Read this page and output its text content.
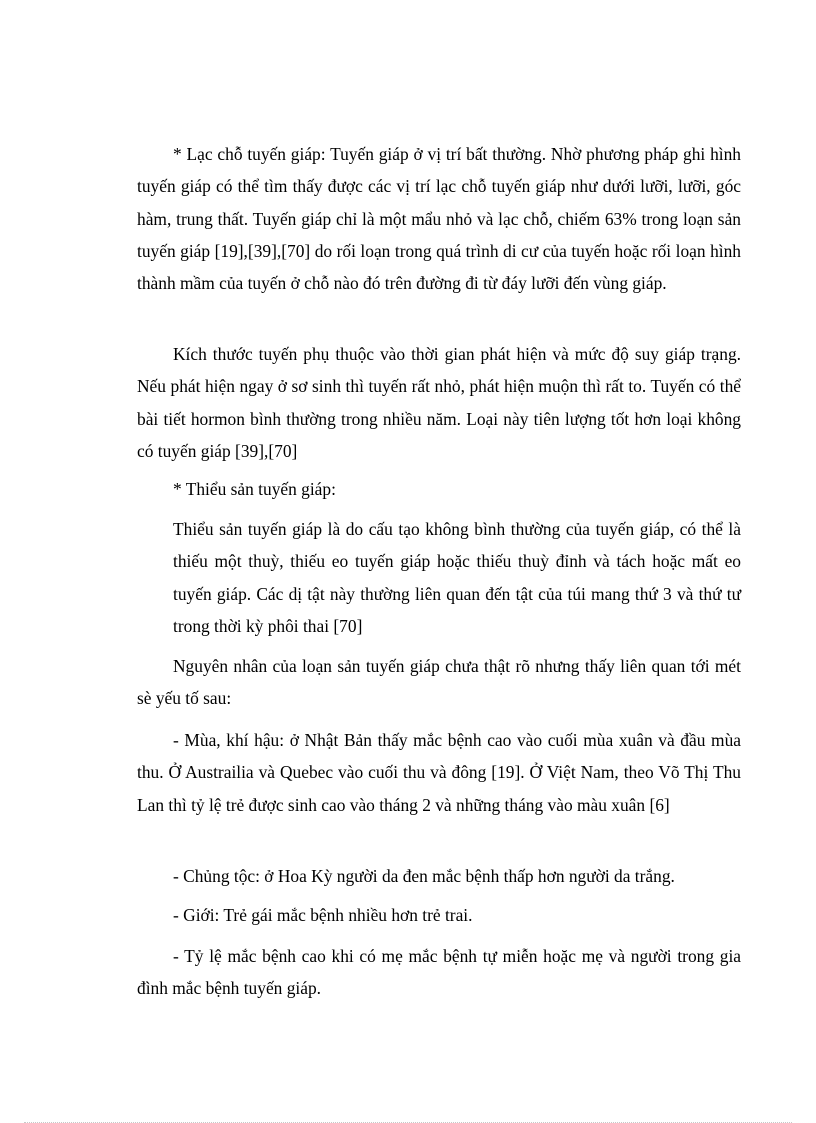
* Lạc chỗ tuyến giáp: Tuyến giáp ở vị trí bất thường. Nhờ phương pháp ghi hình tuyến giáp có thể tìm thấy được các vị trí lạc chỗ tuyến giáp như dưới lưỡi, lưỡi, góc hàm, trung thất. Tuyến giáp chỉ là một mẩu nhỏ và lạc chỗ, chiếm 63% trong loạn sản tuyến giáp [19],[39],[70] do rối loạn trong quá trình di cư của tuyến hoặc rối loạn hình thành mầm của tuyến ở chỗ nào đó trên đường đi từ đáy lưỡi đến vùng giáp.

Kích thước tuyến phụ thuộc vào thời gian phát hiện và mức độ suy giáp trạng. Nếu phát hiện ngay ở sơ sinh thì tuyến rất nhỏ, phát hiện muộn thì rất to. Tuyến có thể bài tiết hormon bình thường trong nhiều năm. Loại này tiên lượng tốt hơn loại không có tuyến giáp [39],[70]

* Thiểu sản tuyến giáp:

Thiểu sản tuyến giáp là do cấu tạo không bình thường của tuyến giáp, có thể là thiếu một thuỳ, thiếu eo tuyến giáp hoặc thiếu thuỳ đỉnh và tách hoặc mất eo tuyến giáp. Các dị tật này thường liên quan đến tật của túi mang thứ 3 và thứ tư trong thời kỳ phôi thai [70]

Nguyên nhân của loạn sản tuyến giáp chưa thật rõ nhưng thấy liên quan tới mét sè yếu tố sau:

- Mùa, khí hậu: ở Nhật Bản thấy mắc bệnh cao vào cuối mùa xuân và đầu mùa thu. Ở Austrailia và Quebec vào cuối thu và đông [19]. Ở Việt Nam, theo Võ Thị Thu Lan thì tỷ lệ trẻ được sinh cao vào tháng 2 và những tháng vào màu xuân [6]

- Chủng tộc: ở Hoa Kỳ người da đen mắc bệnh thấp hơn người da trắng.

- Giới: Trẻ gái mắc bệnh nhiều hơn trẻ trai.

- Tỷ lệ mắc bệnh cao khi có mẹ mắc bệnh tự miễn hoặc mẹ và người trong gia đình mắc bệnh tuyến giáp.
